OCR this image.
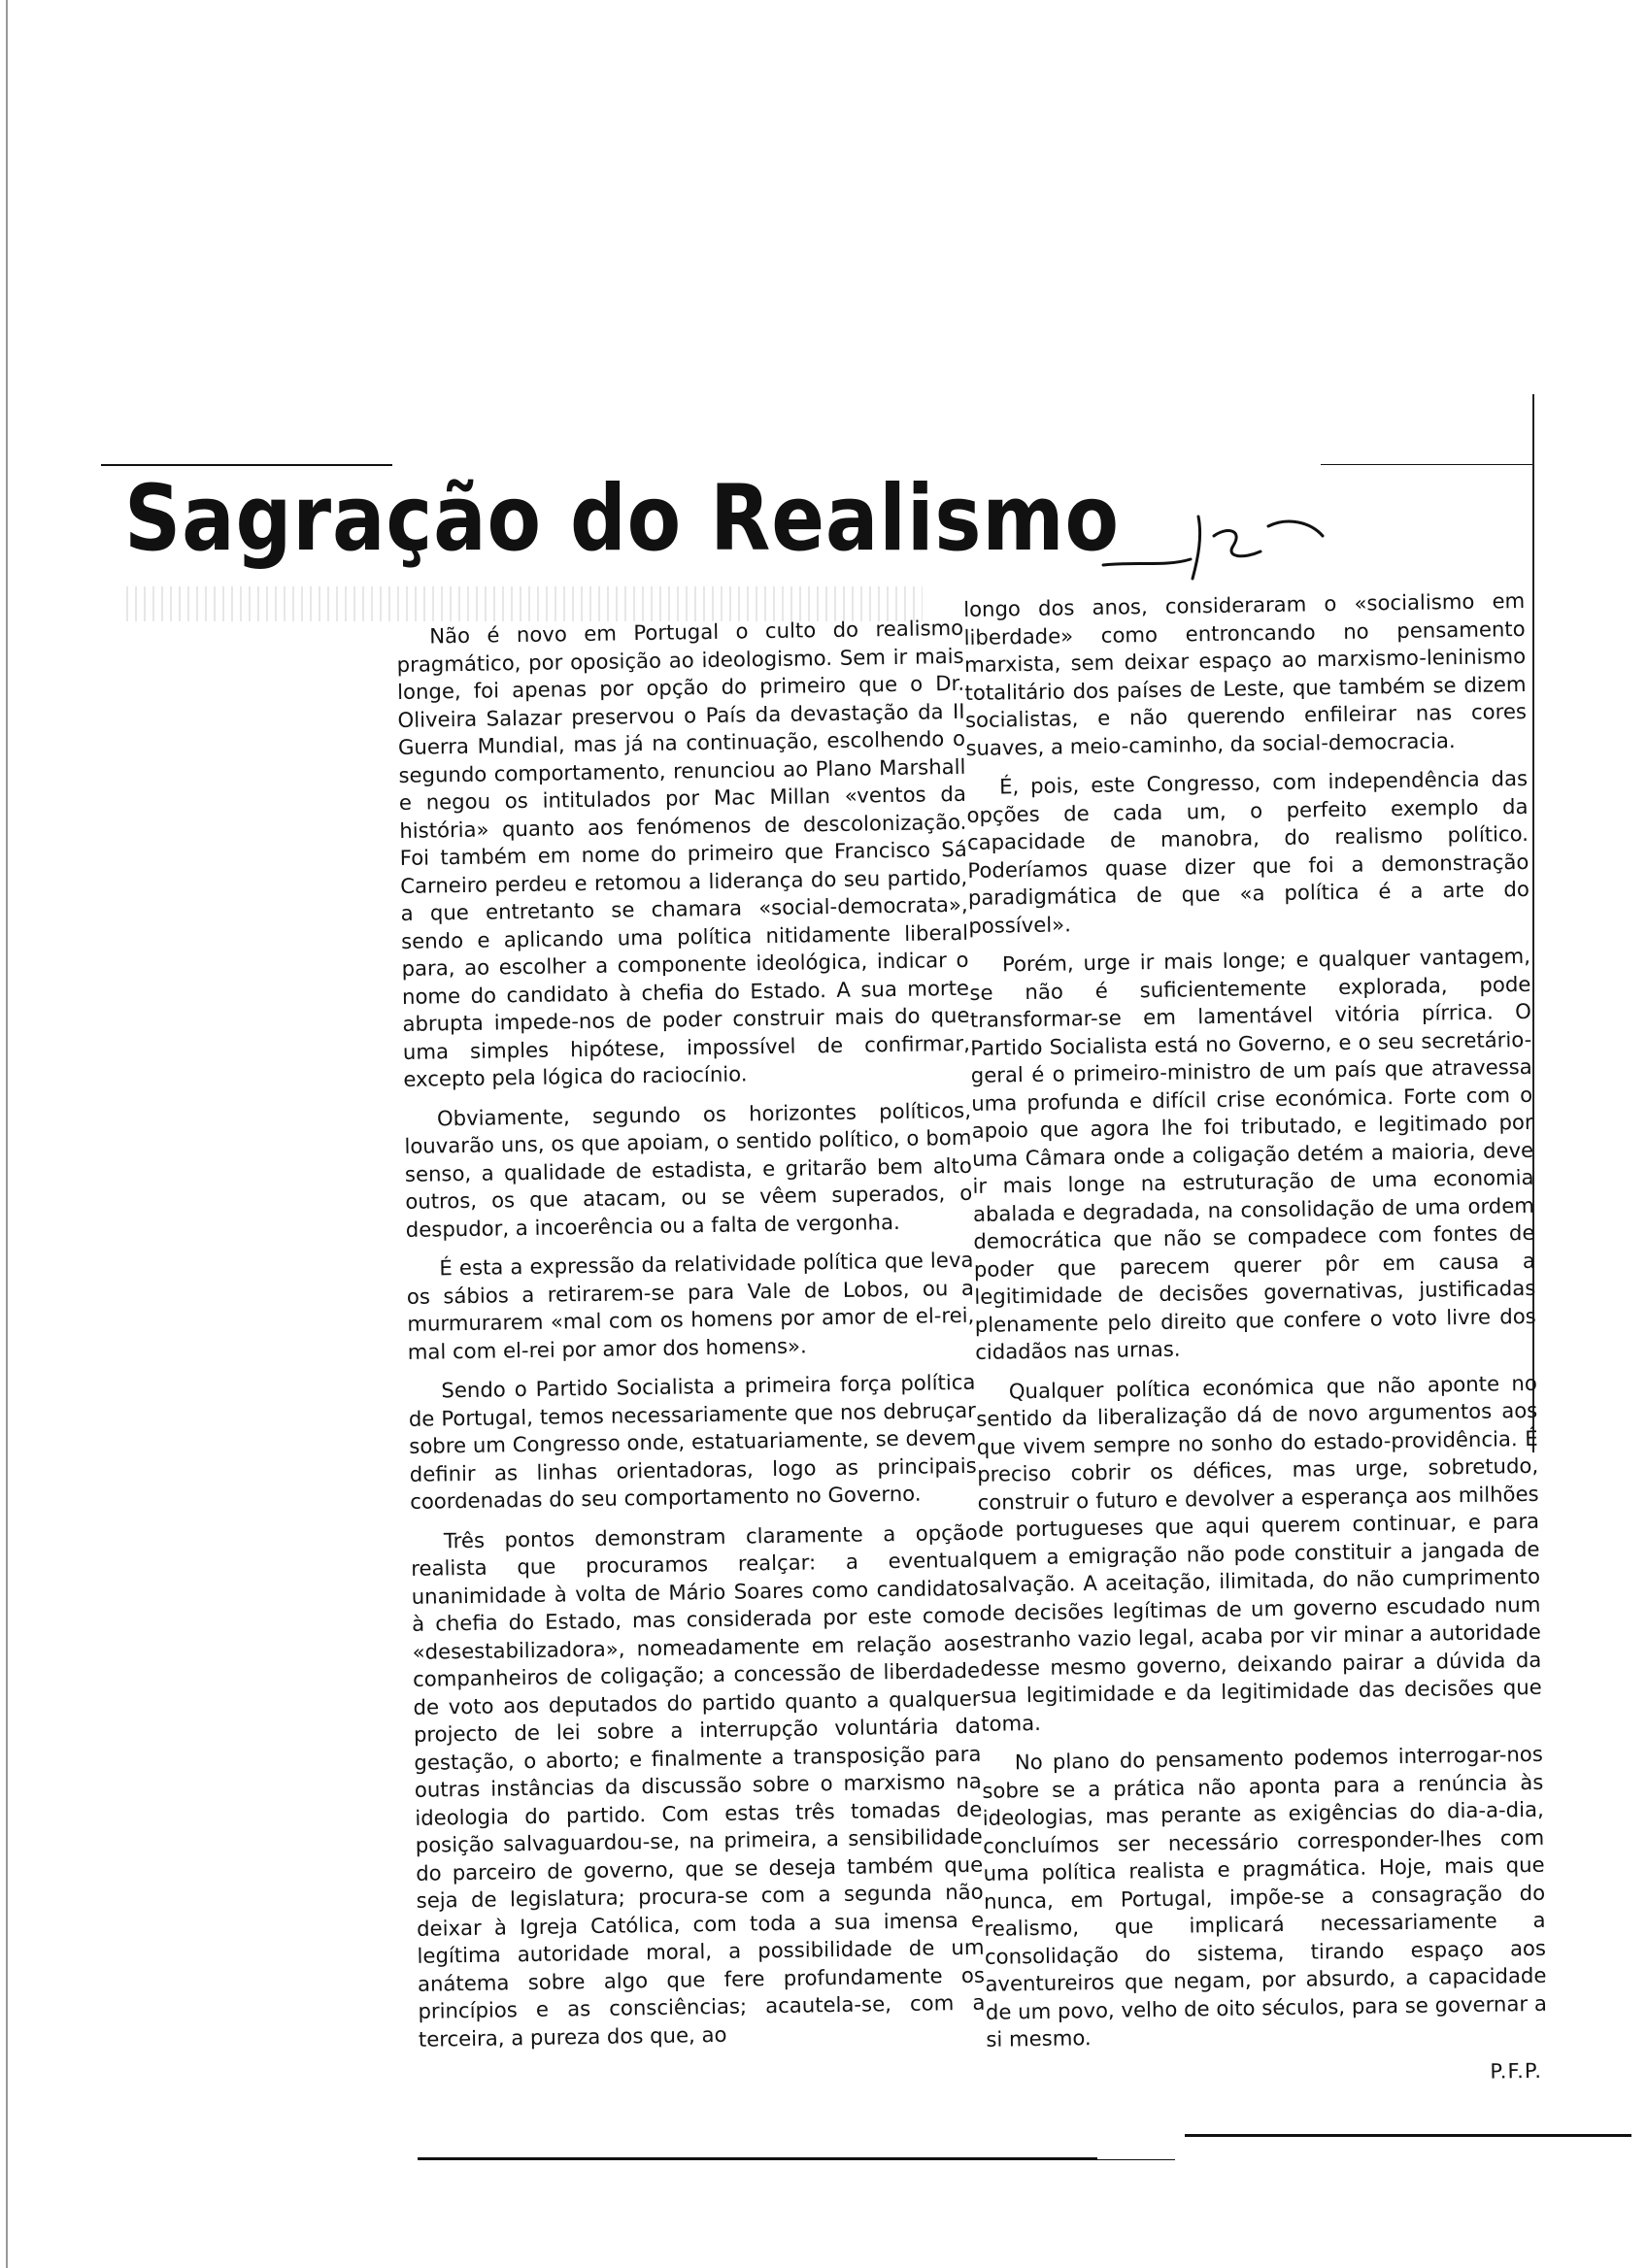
Sagração do Realismo

Não é novo em Portugal o culto do realismo pragmático, por oposição ao ideologismo. Sem ir mais longe, foi apenas por opção do primeiro que o Dr. Oliveira Salazar preservou o País da devastação da II Guerra Mundial, mas já na continuação, escolhendo o segundo comportamento, renunciou ao Plano Marshall e negou os intitulados por Mac Millan «ventos da história» quanto aos fenómenos de descolonização. Foi também em nome do primeiro que Francisco Sá Carneiro perdeu e retomou a liderança do seu partido, a que entretanto se chamara «social-democrata», sendo e aplicando uma política nitidamente liberal para, ao escolher a componente ideológica, indicar o nome do candidato à chefia do Estado. A sua morte abrupta impede-nos de poder construir mais do que uma simples hipótese, impossível de confirmar, excepto pela lógica do raciocínio.

Obviamente, segundo os horizontes políticos, louvarão uns, os que apoiam, o sentido político, o bom senso, a qualidade de estadista, e gritarão bem alto outros, os que atacam, ou se vêem superados, o despudor, a incoerência ou a falta de vergonha.

É esta a expressão da relatividade política que leva os sábios a retirarem-se para Vale de Lobos, ou a murmurarem «mal com os homens por amor de el-rei, mal com el-rei por amor dos homens».

Sendo o Partido Socialista a primeira força política de Portugal, temos necessariamente que nos debruçar sobre um Congresso onde, estatuariamente, se devem definir as linhas orientadoras, logo as principais coordenadas do seu comportamento no Governo.

Três pontos demonstram claramente a opção realista que procuramos realçar: a eventual unanimidade à volta de Mário Soares como candidato à chefia do Estado, mas considerada por este como «desestabilizadora», nomeadamente em relação aos companheiros de coligação; a concessão de liberdade de voto aos deputados do partido quanto a qualquer projecto de lei sobre a interrupção voluntária da gestação, o aborto; e finalmente a transposição para outras instâncias da discussão sobre o marxismo na ideologia do partido. Com estas três tomadas de posição salvaguardou-se, na primeira, a sensibilidade do parceiro de governo, que se deseja também que seja de legislatura; procura-se com a segunda não deixar à Igreja Católica, com toda a sua imensa e legítima autoridade moral, a possibilidade de um anátema sobre algo que fere profundamente os princípios e as consciências; acautela-se, com a terceira, a pureza dos que, ao

longo dos anos, consideraram o «socialismo em liberdade» como entroncando no pensamento marxista, sem deixar espaço ao marxismo-leninismo totalitário dos países de Leste, que também se dizem socialistas, e não querendo enfileirar nas cores suaves, a meio-caminho, da social-democracia.

É, pois, este Congresso, com independência das opções de cada um, o perfeito exemplo da capacidade de manobra, do realismo político. Poderíamos quase dizer que foi a demonstração paradigmática de que «a política é a arte do possível».

Porém, urge ir mais longe; e qualquer vantagem, se não é suficientemente explorada, pode transformar-se em lamentável vitória pírrica. O Partido Socialista está no Governo, e o seu secretário-geral é o primeiro-ministro de um país que atravessa uma profunda e difícil crise económica. Forte com o apoio que agora lhe foi tributado, e legitimado por uma Câmara onde a coligação detém a maioria, deve ir mais longe na estruturação de uma economia abalada e degradada, na consolidação de uma ordem democrática que não se compadece com fontes de poder que parecem querer pôr em causa a legitimidade de decisões governativas, justificadas plenamente pelo direito que confere o voto livre dos cidadãos nas urnas.

Qualquer política económica que não aponte no sentido da liberalização dá de novo argumentos aos que vivem sempre no sonho do estado-providência. É preciso cobrir os défices, mas urge, sobretudo, construir o futuro e devolver a esperança aos milhões de portugueses que aqui querem continuar, e para quem a emigração não pode constituir a jangada de salvação. A aceitação, ilimitada, do não cumprimento de decisões legítimas de um governo escudado num estranho vazio legal, acaba por vir minar a autoridade desse mesmo governo, deixando pairar a dúvida da sua legitimidade e da legitimidade das decisões que toma.

No plano do pensamento podemos interrogar-nos sobre se a prática não aponta para a renúncia às ideologias, mas perante as exigências do dia-a-dia, concluímos ser necessário corresponder-lhes com uma política realista e pragmática. Hoje, mais que nunca, em Portugal, impõe-se a consagração do realismo, que implicará necessariamente a consolidação do sistema, tirando espaço aos aventureiros que negam, por absurdo, a capacidade de um povo, velho de oito séculos, para se governar a si mesmo.

P.F.P.
